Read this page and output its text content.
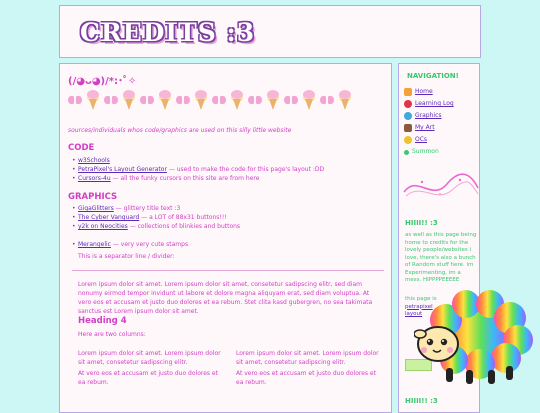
CREDITS :3
(/◕ᴗ◕)/*:･ﾟ✧
sources/individuals whos code/graphics are used on this silly little website
CODE
• w3Schools
• PetraPixel's Layout Generator — used to make the code for this page's layout :DD
• Cursors-4u — all the funky cursors on this site are from here
GRAPHICS
• GigaGlitters — glittery title text :3
• The Cyber Vanguard — a LOT of 88x31 buttons!!!
• y2k on Neocities — collections of blinkies and buttons
• Merangelic — very very cute stamps

This is a separator line / divider:

Lorem ipsum dolor sit amet. Lorem ipsum dolor sit amet, consetetur sadipscing elitr, sed diam nonumy eirmod tempor invidunt ut labore et dolore magna aliquyam erat, sed diam voluptua. At vero eos et accusam et justo duo dolores et ea rebum. Stet clita kasd gubergren, no sea takimata sanctus est Lorem ipsum dolor sit amet.

Heading 4

Here are two columns:

Lorem ipsum dolor sit amet. Lorem ipsum dolor sit amet, consetetur sadipscing elitr.

At vero eos et accusam et justo duo dolores et ea rebum.

Lorem ipsum dolor sit amet. Lorem ipsum dolor sit amet, consetetur sadipscing elitr.

At vero eos et accusam et justo duo dolores et ea rebum.

NAVIGATION!
Home
Learning Log
Graphics
My Art
OCs
Summon
HIIII!! :3

as well as this page being home to credits for the lovely people/websites i love, there's also a bunch of Random stuff here. im Experimenting, im a mess. HIPPPPEEEEE

this page is
petrapixel
layout

HIIII!! :3
